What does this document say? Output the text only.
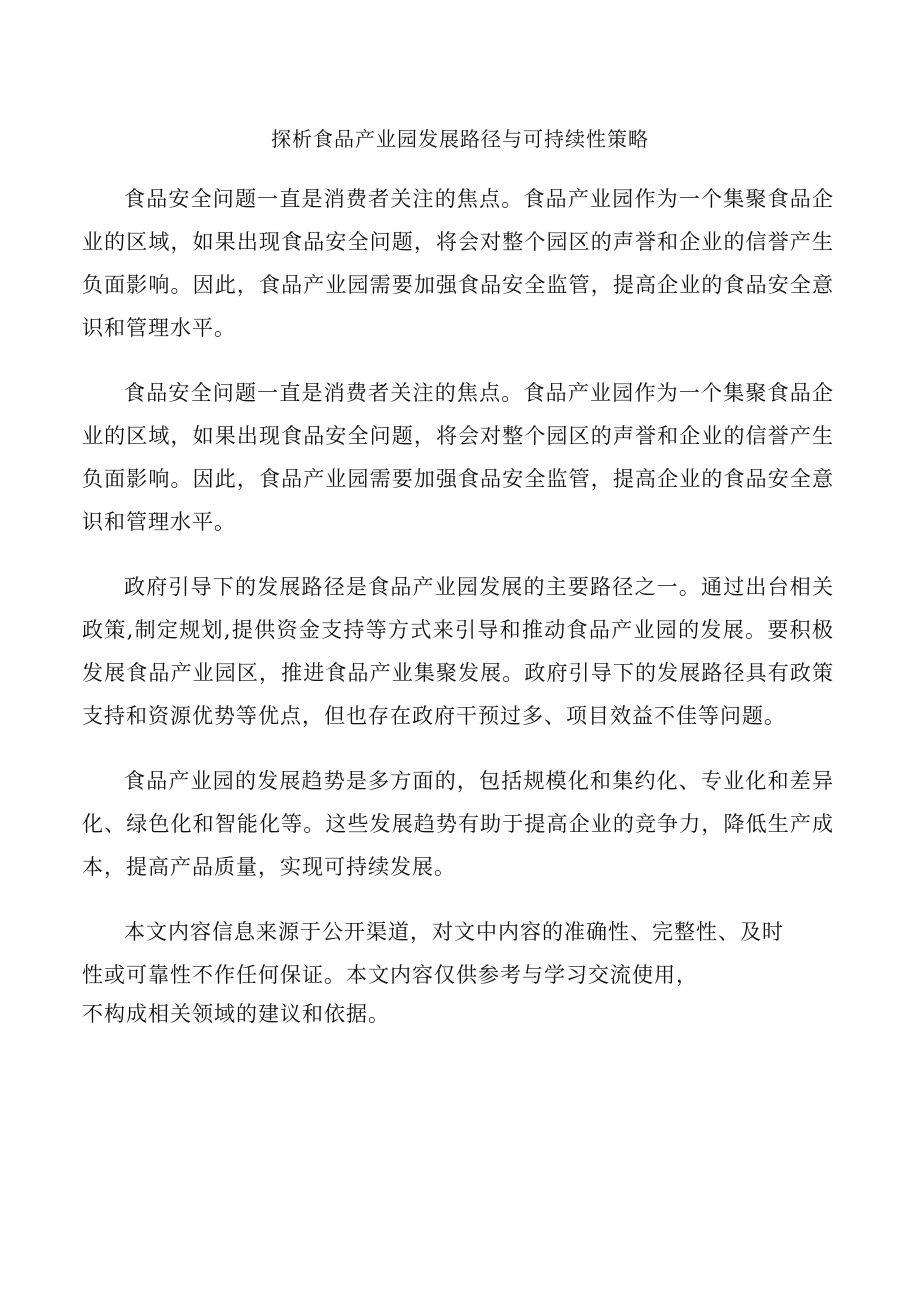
探析食品产业园发展路径与可持续性策略

食品安全问题一直是消费者关注的焦点。食品产业园作为一个集聚食品企业的区域，如果出现食品安全问题，将会对整个园区的声誉和企业的信誉产生负面影响。因此，食品产业园需要加强食品安全监管，提高企业的食品安全意识和管理水平。

食品安全问题一直是消费者关注的焦点。食品产业园作为一个集聚食品企业的区域，如果出现食品安全问题，将会对整个园区的声誉和企业的信誉产生负面影响。因此，食品产业园需要加强食品安全监管，提高企业的食品安全意识和管理水平。

政府引导下的发展路径是食品产业园发展的主要路径之一。通过出台相关政策,制定规划,提供资金支持等方式来引导和推动食品产业园的发展。要积极发展食品产业园区，推进食品产业集聚发展。政府引导下的发展路径具有政策支持和资源优势等优点，但也存在政府干预过多、项目效益不佳等问题。

食品产业园的发展趋势是多方面的，包括规模化和集约化、专业化和差异化、绿色化和智能化等。这些发展趋势有助于提高企业的竞争力，降低生产成本，提高产品质量，实现可持续发展。

本文内容信息来源于公开渠道，对文中内容的准确性、完整性、及时
性或可靠性不作任何保证。本文内容仅供参考与学习交流使用，
不构成相关领域的建议和依据。
